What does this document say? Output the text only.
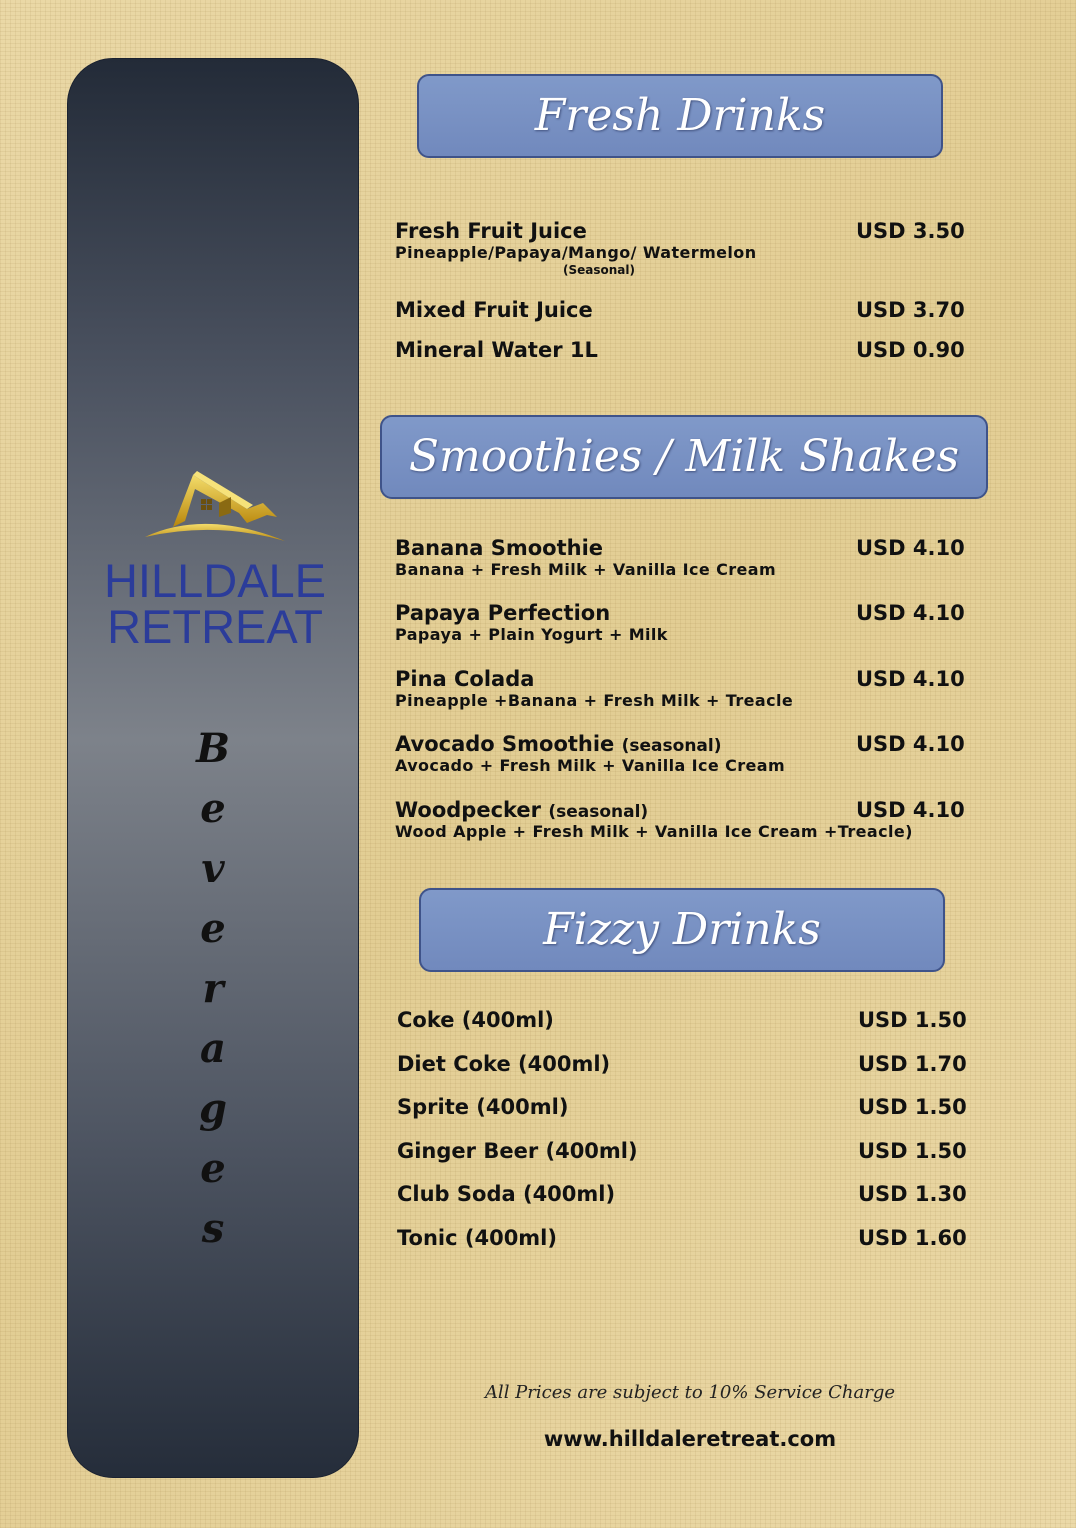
HILLDALE
RETREAT
B
e
v
e
r
a
g
e
s
Fresh Drinks
Fresh Fruit Juice	USD 3.50
Pineapple/Papaya/Mango/ Watermelon
(Seasonal)
Mixed Fruit Juice	USD 3.70
Mineral Water 1L	USD 0.90
Smoothies / Milk Shakes
Banana Smoothie	USD 4.10
Banana + Fresh Milk + Vanilla Ice Cream
Papaya Perfection	USD 4.10
Papaya + Plain Yogurt + Milk
Pina Colada	USD 4.10
Pineapple +Banana + Fresh Milk + Treacle
Avocado Smoothie (seasonal)	USD 4.10
Avocado + Fresh Milk + Vanilla Ice Cream
Woodpecker (seasonal)	USD 4.10
Wood Apple + Fresh Milk + Vanilla Ice Cream +Treacle)
Fizzy Drinks
Coke (400ml)	USD 1.50
Diet Coke (400ml)	USD 1.70
Sprite (400ml)	USD 1.50
Ginger Beer (400ml)	USD 1.50
Club Soda (400ml)	USD 1.30
Tonic (400ml)	USD 1.60
All Prices are subject to 10% Service Charge
www.hilldaleretreat.com
